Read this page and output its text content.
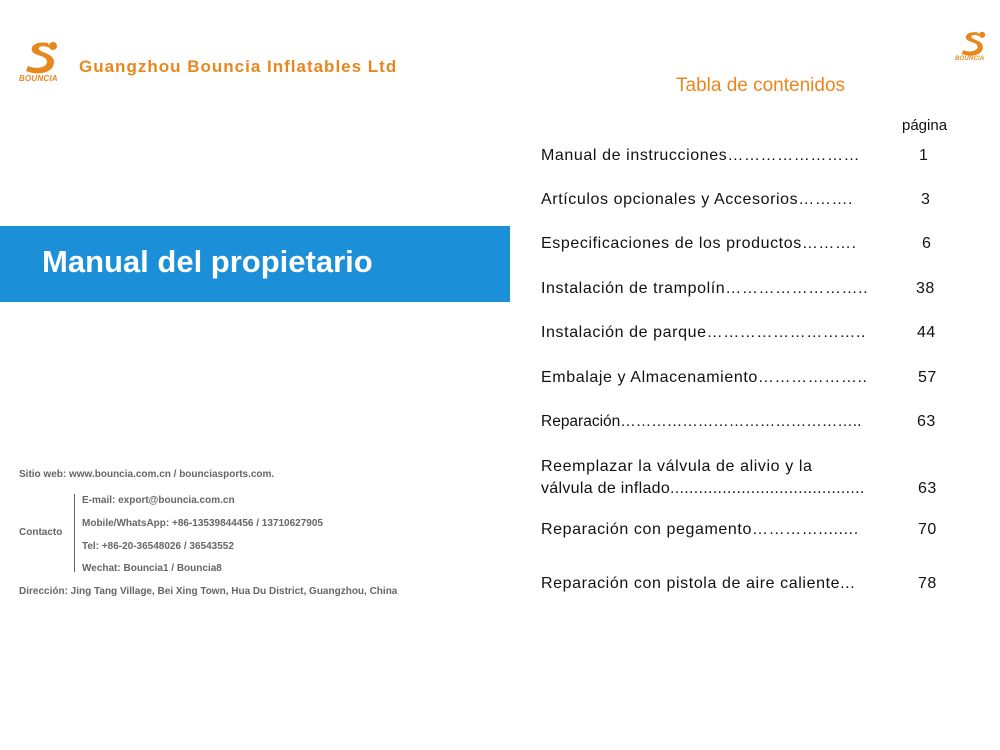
BOUNCIA
Guangzhou Bouncia Inflatables Ltd	BOUNCIA
Manual del propietario
Sitio web: www.bouncia.com.cn / bounciasports.com.
Contacto
E-mail: export@bouncia.com.cn
Mobile/WhatsApp: +86-13539844456 / 13710627905
Tel: +86-20-36548026 / 36543552
Wechat: Bouncia1 / Bouncia8
Dirección: Jing Tang Village, Bei Xing Town, Hua Du District, Guangzhou, China
Tabla de contenidos
página
Manual de instrucciones……………………	1
Artículos opcionales y Accesorios……….	3
Especificaciones de los productos……….	6
Instalación de trampolín……………………..	38
Instalación de parque………………………..	44
Embalaje y Almacenamiento………………..	57
Reparación………………………………………..	63
Reemplazar la válvula de alivio y la
válvula de inflado.........................................	63
Reparación con pegamento…………........	70
Reparación con pistola de aire caliente...	78
